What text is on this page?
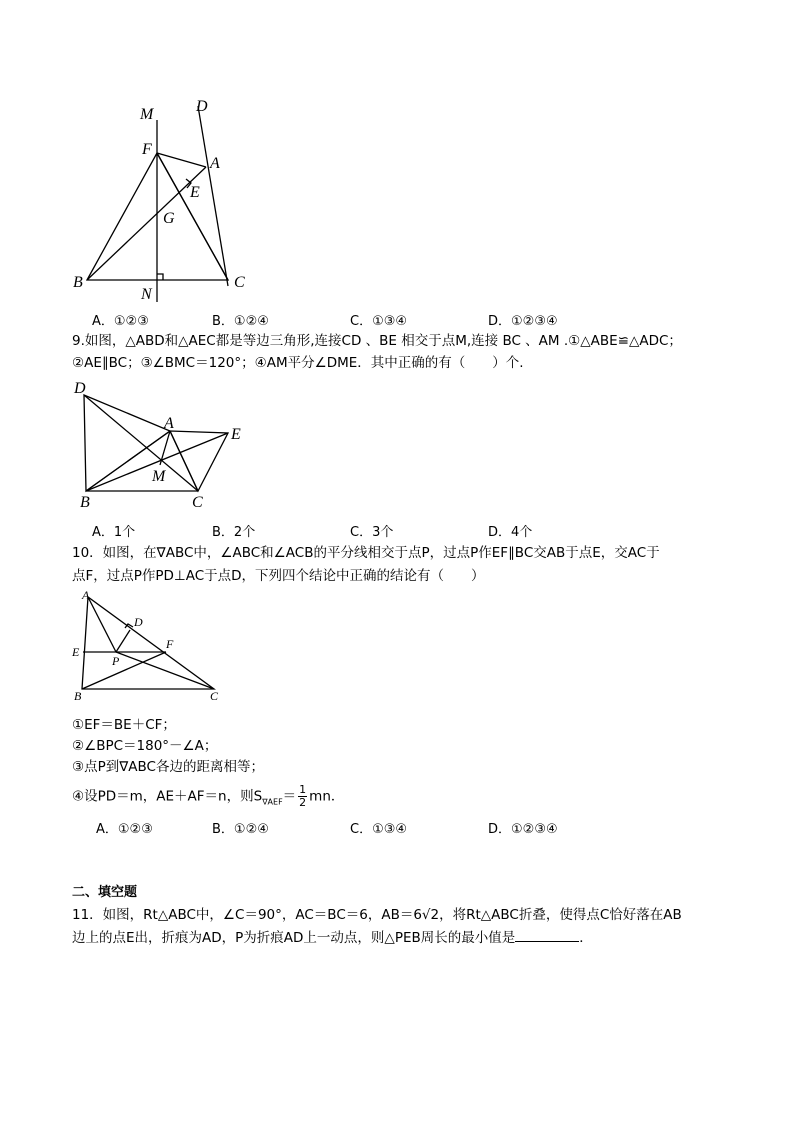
M	D
F
A
E
G
B	C
N
A．①②③	B．①②④	C．①③④	D．①②③④
9.如图，△ABD和△AEC都是等边三角形,连接CD 、BE 相交于点M,连接 BC 、AM .①△ABE≌△ADC；
②AE∥BC；③∠BMC＝120°；④AM平分∠DME．其中正确的有（　　）个.
D
A
E
M
B	C
A．1个	B．2个	C．3个	D．4个
10．如图，在∇ABC中，∠ABC和∠ACB的平分线相交于点P，过点P作EF∥BC交AB于点E，交AC于
点F，过点P作PD⊥AC于点D，下列四个结论中正确的结论有（　　）
A
D
F
E
P
B	C
①EF＝BE＋CF；
②∠BPC＝180°－∠A；
③点P到∇ABC各边的距离相等；
④设PD＝m，AE＋AF＝n，则$S_{\nabla AEF}= \frac{1}{2}$ mn．
A．①②③	B．①②④	C．①③④	D．①②③④
二、填空题
11．如图，Rt△ABC中，∠C＝90°，AC＝BC＝6，AB＝6√2，将Rt△ABC折叠，使得点C恰好落在AB
边上的点E出，折痕为AD，P为折痕AD上一动点，则△PEB周长的最小值是	．
